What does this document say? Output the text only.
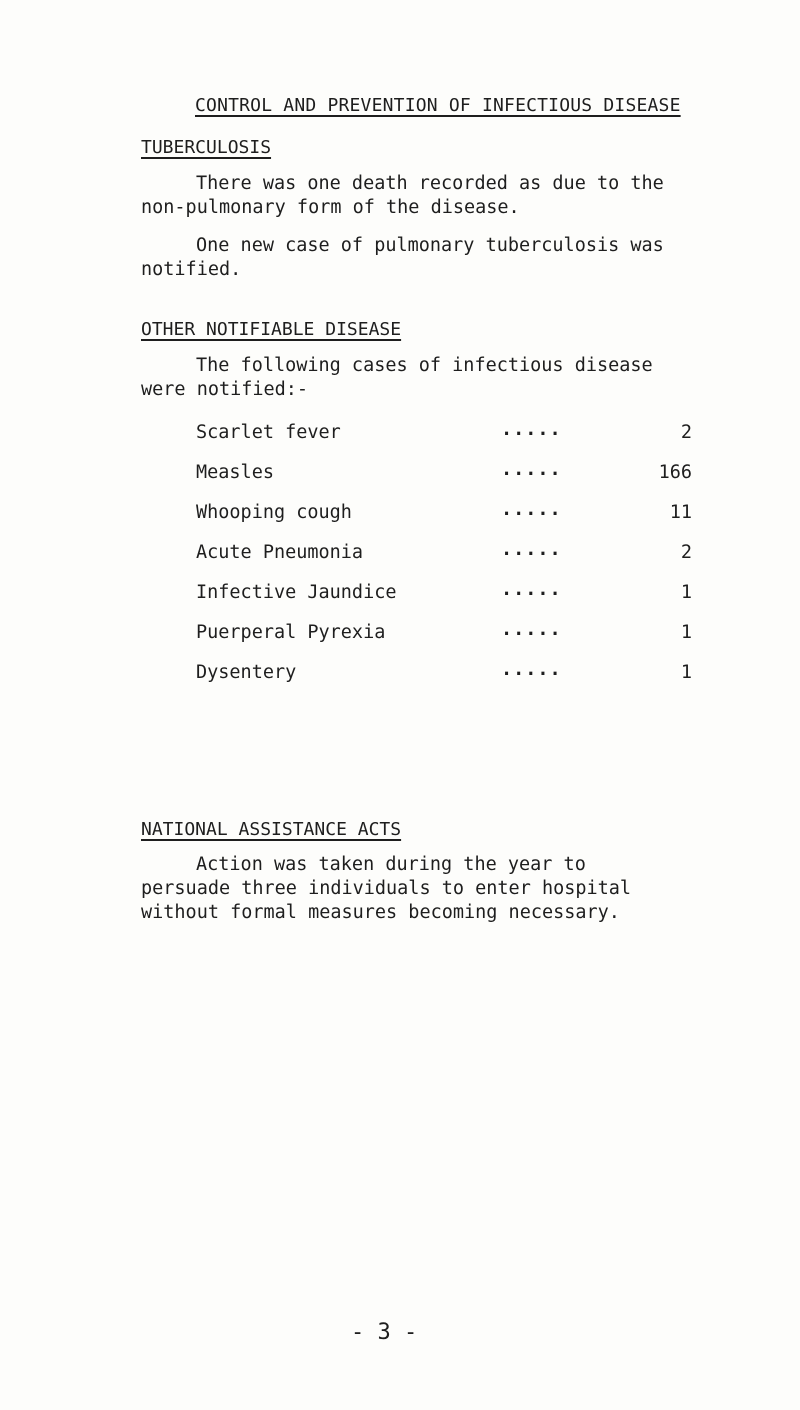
CONTROL AND PREVENTION OF INFECTIOUS DISEASE
TUBERCULOSIS
There was one death recorded as due to the
non-pulmonary form of the disease.
One new case of pulmonary tuberculosis was
notified.
OTHER NOTIFIABLE DISEASE
The following cases of infectious disease
were notified:-
Scarlet fever	.....	2
Measles	.....	166
Whooping cough	.....	11
Acute Pneumonia	.....	2
Infective Jaundice	.....	1
Puerperal Pyrexia	.....	1
Dysentery	.....	1
NATIONAL ASSISTANCE ACTS
Action was taken during the year to
persuade three individuals to enter hospital
without formal measures becoming necessary.
- 3 -
